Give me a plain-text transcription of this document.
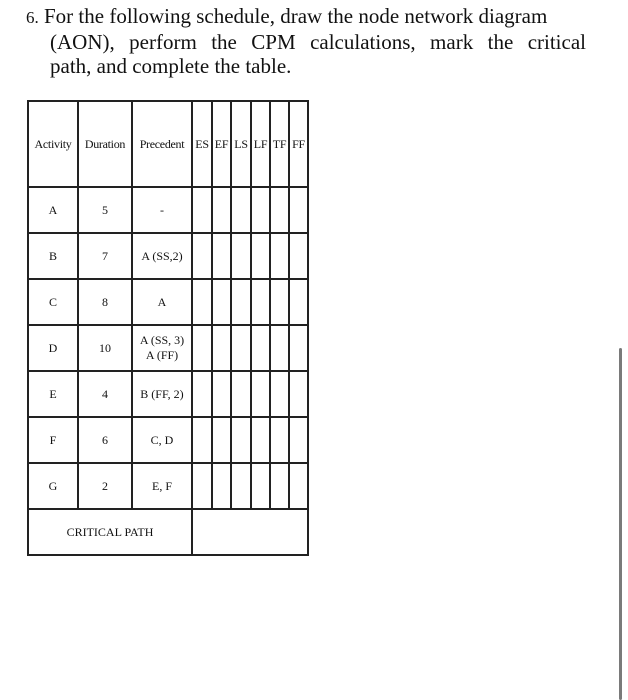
6. For the following schedule, draw the node network diagram
(AON), perform the CPM calculations, mark the critical
path, and complete the table.
Activity	Duration	Precedent	ES	EF	LS	LF	TF	FF
A	5	-						
B	7	A (SS,2)						
C	8	A						
D	10	A (SS, 3)
A (FF)						

E	4	B (FF, 2)						
F	6	C, D						
G	2	E, F						
CRITICAL PATH								
